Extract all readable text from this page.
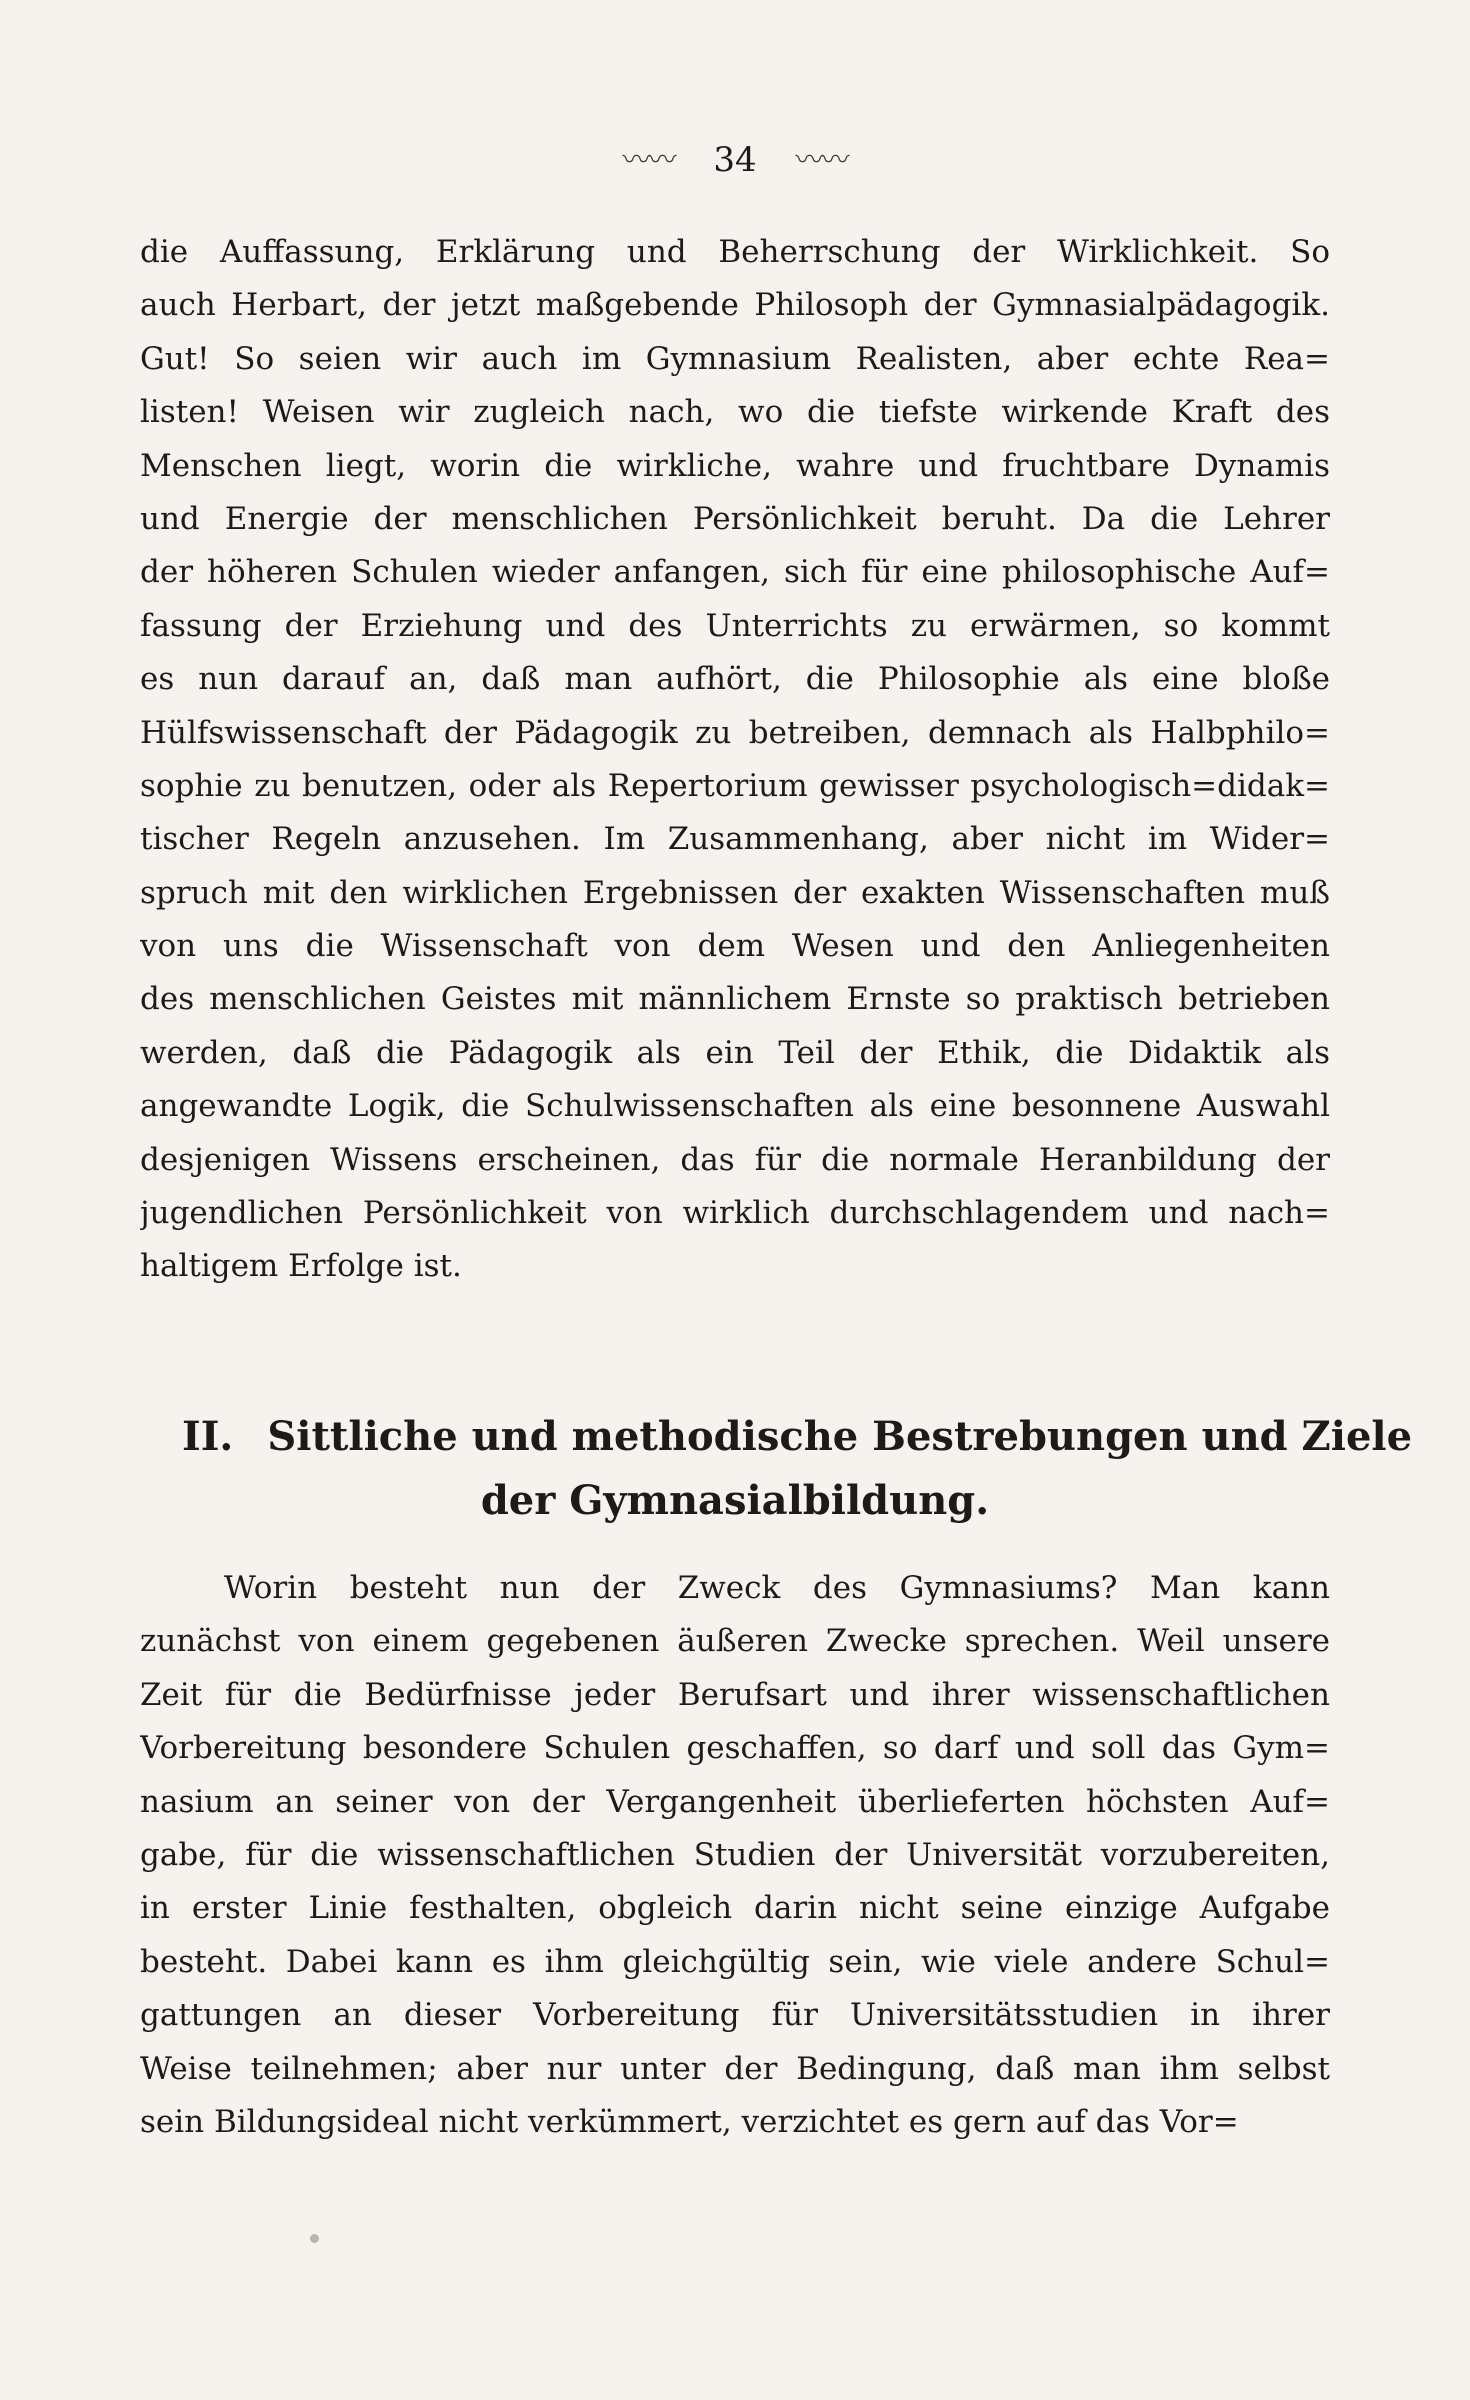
〰〰 34 〰〰
die Auffassung, Erklärung und Beherrschung der Wirklichkeit. So
auch Herbart, der jetzt maßgebende Philosoph der Gymnasialpädagogik.
Gut! So seien wir auch im Gymnasium Realisten, aber echte Rea=
listen! Weisen wir zugleich nach, wo die tiefste wirkende Kraft des
Menschen liegt, worin die wirkliche, wahre und fruchtbare Dynamis
und Energie der menschlichen Persönlichkeit beruht. Da die Lehrer
der höheren Schulen wieder anfangen, sich für eine philosophische Auf=
fassung der Erziehung und des Unterrichts zu erwärmen, so kommt
es nun darauf an, daß man aufhört, die Philosophie als eine bloße
Hülfswissenschaft der Pädagogik zu betreiben, demnach als Halbphilo=
sophie zu benutzen, oder als Repertorium gewisser psychologisch=didak=
tischer Regeln anzusehen. Im Zusammenhang, aber nicht im Wider=
spruch mit den wirklichen Ergebnissen der exakten Wissenschaften muß
von uns die Wissenschaft von dem Wesen und den Anliegenheiten
des menschlichen Geistes mit männlichem Ernste so praktisch betrieben
werden, daß die Pädagogik als ein Teil der Ethik, die Didaktik als
angewandte Logik, die Schulwissenschaften als eine besonnene Auswahl
desjenigen Wissens erscheinen, das für die normale Heranbildung der
jugendlichen Persönlichkeit von wirklich durchschlagendem und nach=
haltigem Erfolge ist.
II. Sittliche und methodische Bestrebungen und Ziele
der Gymnasialbildung.
Worin besteht nun der Zweck des Gymnasiums? Man kann
zunächst von einem gegebenen äußeren Zwecke sprechen. Weil unsere
Zeit für die Bedürfnisse jeder Berufsart und ihrer wissenschaftlichen
Vorbereitung besondere Schulen geschaffen, so darf und soll das Gym=
nasium an seiner von der Vergangenheit überlieferten höchsten Auf=
gabe, für die wissenschaftlichen Studien der Universität vorzubereiten,
in erster Linie festhalten, obgleich darin nicht seine einzige Aufgabe
besteht. Dabei kann es ihm gleichgültig sein, wie viele andere Schul=
gattungen an dieser Vorbereitung für Universitätsstudien in ihrer
Weise teilnehmen; aber nur unter der Bedingung, daß man ihm selbst
sein Bildungsideal nicht verkümmert, verzichtet es gern auf das Vor=
